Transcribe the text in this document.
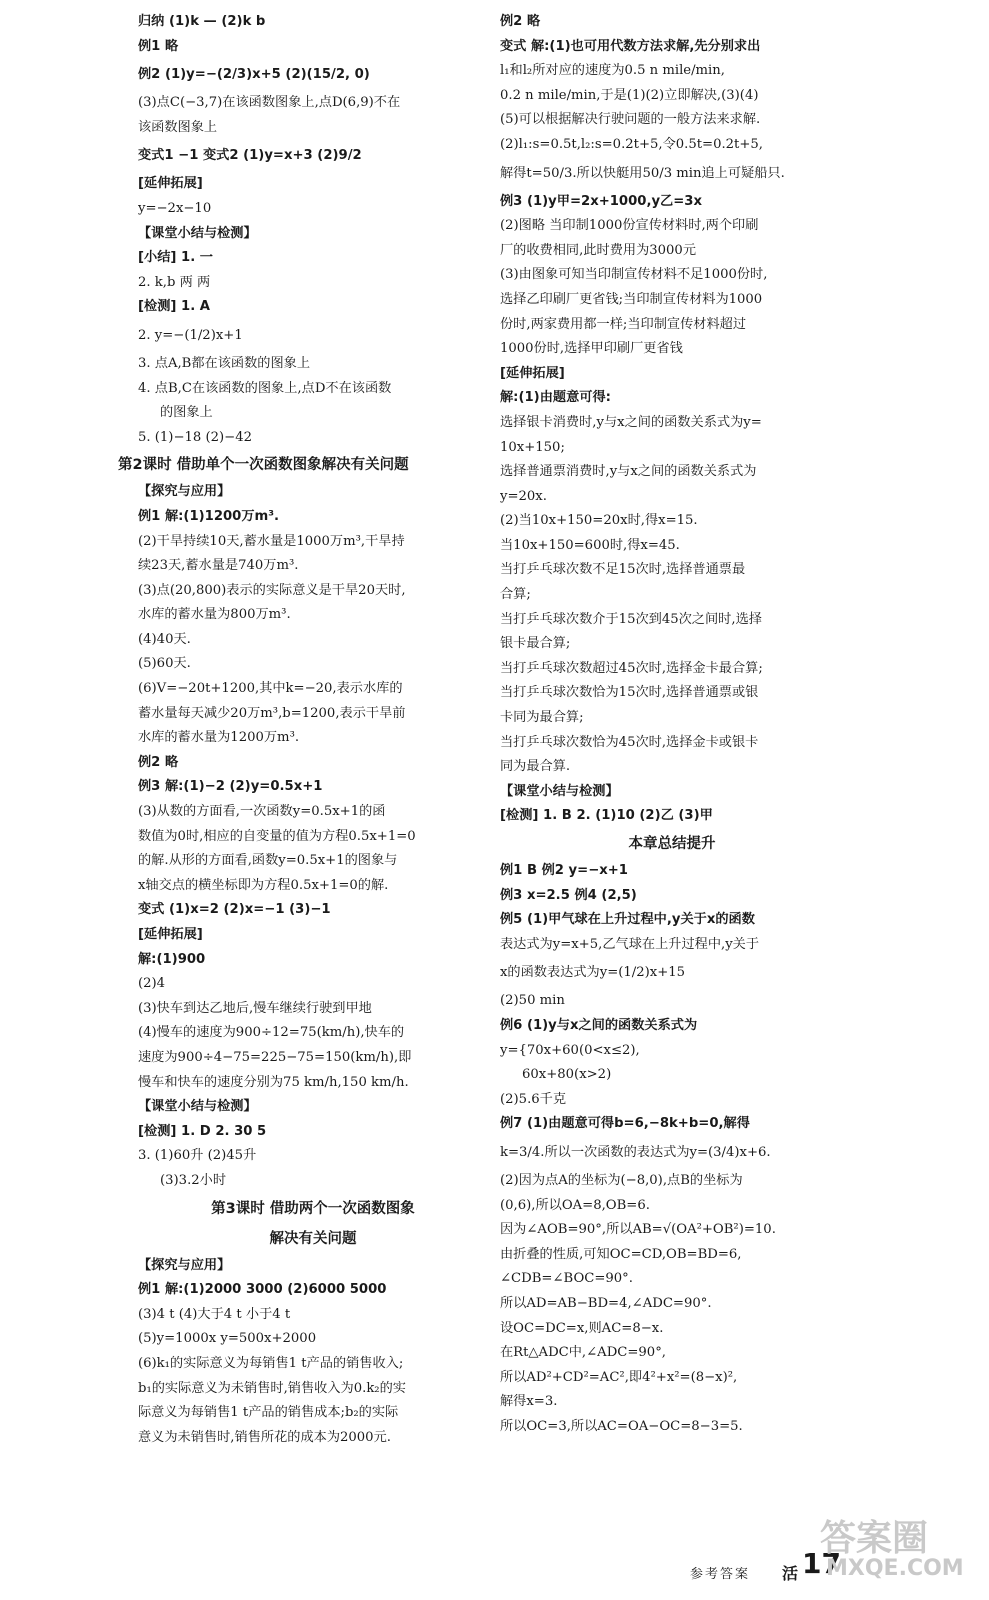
归纳 (1)k — (2)k b
例1 略
例2 (1)y=−(2/3)x+5 (2)(15/2, 0)
(3)点C(−3,7)在该函数图象上,点D(6,9)不在
该函数图象上
变式1 −1 变式2 (1)y=x+3 (2)9/2
[延伸拓展]
y=−2x−10
【课堂小结与检测】
[小结] 1. 一
2. k,b 两 两
[检测] 1. A
2. y=−(1/2)x+1
3. 点A,B都在该函数的图象上
4. 点B,C在该函数的图象上,点D不在该函数
的图象上
5. (1)−18 (2)−42
第2课时 借助单个一次函数图象解决有关问题
【探究与应用】
例1 解:(1)1200万m³.
(2)干旱持续10天,蓄水量是1000万m³,干旱持
续23天,蓄水量是740万m³.
(3)点(20,800)表示的实际意义是干旱20天时,
水库的蓄水量为800万m³.
(4)40天.
(5)60天.
(6)V=−20t+1200,其中k=−20,表示水库的
蓄水量每天减少20万m³,b=1200,表示干旱前
水库的蓄水量为1200万m³.
例2 略
例3 解:(1)−2 (2)y=0.5x+1
(3)从数的方面看,一次函数y=0.5x+1的函
数值为0时,相应的自变量的值为方程0.5x+1=0
的解.从形的方面看,函数y=0.5x+1的图象与
x轴交点的横坐标即为方程0.5x+1=0的解.
变式 (1)x=2 (2)x=−1 (3)−1
[延伸拓展]
解:(1)900
(2)4
(3)快车到达乙地后,慢车继续行驶到甲地
(4)慢车的速度为900÷12=75(km/h),快车的
速度为900÷4−75=225−75=150(km/h),即
慢车和快车的速度分别为75 km/h,150 km/h.
【课堂小结与检测】
[检测] 1. D 2. 30 5
3. (1)60升 (2)45升
(3)3.2小时
第3课时 借助两个一次函数图象
解决有关问题
【探究与应用】
例1 解:(1)2000 3000 (2)6000 5000
(3)4 t (4)大于4 t 小于4 t
(5)y=1000x y=500x+2000
(6)k₁的实际意义为每销售1 t产品的销售收入;
b₁的实际意义为未销售时,销售收入为0.k₂的实
际意义为每销售1 t产品的销售成本;b₂的实际
意义为未销售时,销售所花的成本为2000元.
例2 略
变式 解:(1)也可用代数方法求解,先分别求出
l₁和l₂所对应的速度为0.5 n mile/min,
0.2 n mile/min,于是(1)(2)立即解决,(3)(4)
(5)可以根据解决行驶问题的一般方法来求解.
(2)l₁:s=0.5t,l₂:s=0.2t+5,令0.5t=0.2t+5,
解得t=50/3.所以快艇用50/3 min追上可疑船只.
例3 (1)y甲=2x+1000,y乙=3x
(2)图略 当印制1000份宣传材料时,两个印刷
厂的收费相同,此时费用为3000元
(3)由图象可知当印制宣传材料不足1000份时,
选择乙印刷厂更省钱;当印制宣传材料为1000
份时,两家费用都一样;当印制宣传材料超过
1000份时,选择甲印刷厂更省钱
[延伸拓展]
解:(1)由题意可得:
选择银卡消费时,y与x之间的函数关系式为y=
10x+150;
选择普通票消费时,y与x之间的函数关系式为
y=20x.
(2)当10x+150=20x时,得x=15.
当10x+150=600时,得x=45.
当打乒乓球次数不足15次时,选择普通票最
合算;
当打乒乓球次数介于15次到45次之间时,选择
银卡最合算;
当打乒乓球次数超过45次时,选择金卡最合算;
当打乒乓球次数恰为15次时,选择普通票或银
卡同为最合算;
当打乒乓球次数恰为45次时,选择金卡或银卡
同为最合算.
【课堂小结与检测】
[检测] 1. B 2. (1)10 (2)乙 (3)甲
本章总结提升
例1 B 例2 y=−x+1
例3 x=2.5 例4 (2,5)
例5 (1)甲气球在上升过程中,y关于x的函数
表达式为y=x+5,乙气球在上升过程中,y关于
x的函数表达式为y=(1/2)x+15
(2)50 min
例6 (1)y与x之间的函数关系式为
y={70x+60(0<x≤2),
60x+80(x>2)
(2)5.6千克
例7 (1)由题意可得b=6,−8k+b=0,解得
k=3/4.所以一次函数的表达式为y=(3/4)x+6.
(2)因为点A的坐标为(−8,0),点B的坐标为
(0,6),所以OA=8,OB=6.
因为∠AOB=90°,所以AB=√(OA²+OB²)=10.
由折叠的性质,可知OC=CD,OB=BD=6,
∠CDB=∠BOC=90°.
所以AD=AB−BD=4,∠ADC=90°.
设OC=DC=x,则AC=8−x.
在Rt△ADC中,∠ADC=90°,
所以AD²+CD²=AC²,即4²+x²=(8−x)²,
解得x=3.
所以OC=3,所以AC=OA−OC=8−3=5.
参考答案 活 17
答案圈
MXQE.COM
